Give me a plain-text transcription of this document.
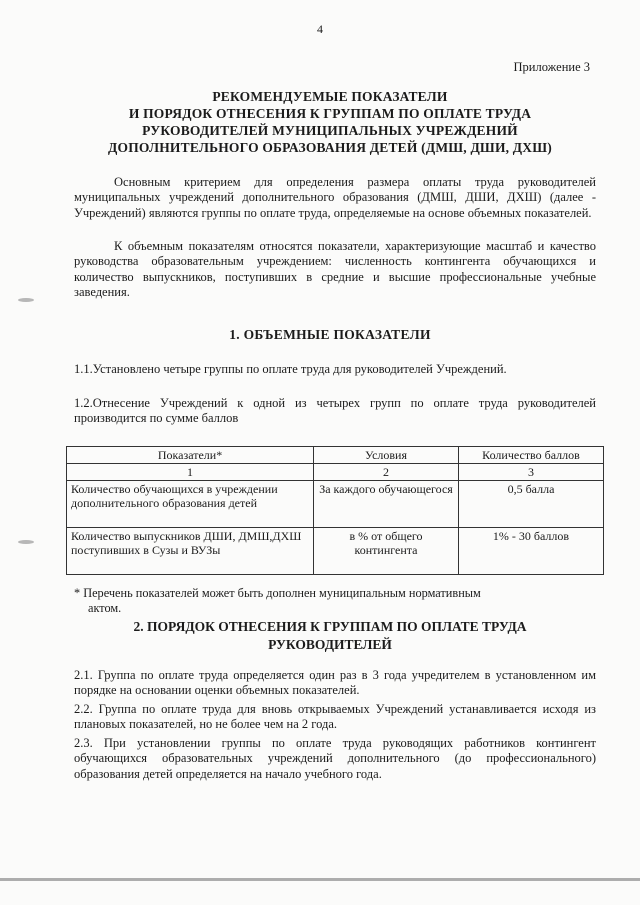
4
Приложение 3
РЕКОМЕНДУЕМЫЕ ПОКАЗАТЕЛИ
И ПОРЯДОК ОТНЕСЕНИЯ К ГРУППАМ ПО ОПЛАТЕ ТРУДА
РУКОВОДИТЕЛЕЙ МУНИЦИПАЛЬНЫХ УЧРЕЖДЕНИЙ
ДОПОЛНИТЕЛЬНОГО ОБРАЗОВАНИЯ ДЕТЕЙ (ДМШ, ДШИ, ДХШ)
Основным критерием для определения размера оплаты труда руководителей муниципальных учреждений дополнительного образования (ДМШ, ДШИ, ДХШ) (далее - Учреждений) являются группы по оплате труда, определяемые на основе объемных показателей.
К объемным показателям относятся показатели, характеризующие масштаб и качество руководства образовательным учреждением: численность контингента обучающихся и количество выпускников, поступивших в средние и высшие профессиональные учебные заведения.
1. ОБЪЕМНЫЕ ПОКАЗАТЕЛИ
1.1.Установлено четыре группы по оплате труда для руководителей Учреждений.
1.2.Отнесение Учреждений к одной из четырех групп по оплате труда руководителей производится по сумме баллов
Показатели*	Условия	Количество баллов
1	2	3
Количество обучающихся в учреждении дополнительного образования детей	За каждого обучающегося	0,5 балла
Количество выпускников ДШИ, ДМШ,ДХШ поступивших в Сузы и ВУЗы	в % от общего контингента	1% - 30 баллов
* Перечень показателей может быть дополнен муниципальным нормативным
актом.
2. ПОРЯДОК ОТНЕСЕНИЯ К ГРУППАМ ПО ОПЛАТЕ ТРУДА
РУКОВОДИТЕЛЕЙ
2.1. Группа по оплате труда определяется один раз в 3 года учредителем в установленном им порядке на основании оценки объемных показателей.
2.2. Группа по оплате труда для вновь открываемых Учреждений устанавливается исходя из плановых показателей, но не более чем на 2 года.
2.3. При установлении группы по оплате труда руководящих работников контингент обучающихся образовательных учреждений дополнительного (до профессионального) образования детей определяется на начало учебного года.
